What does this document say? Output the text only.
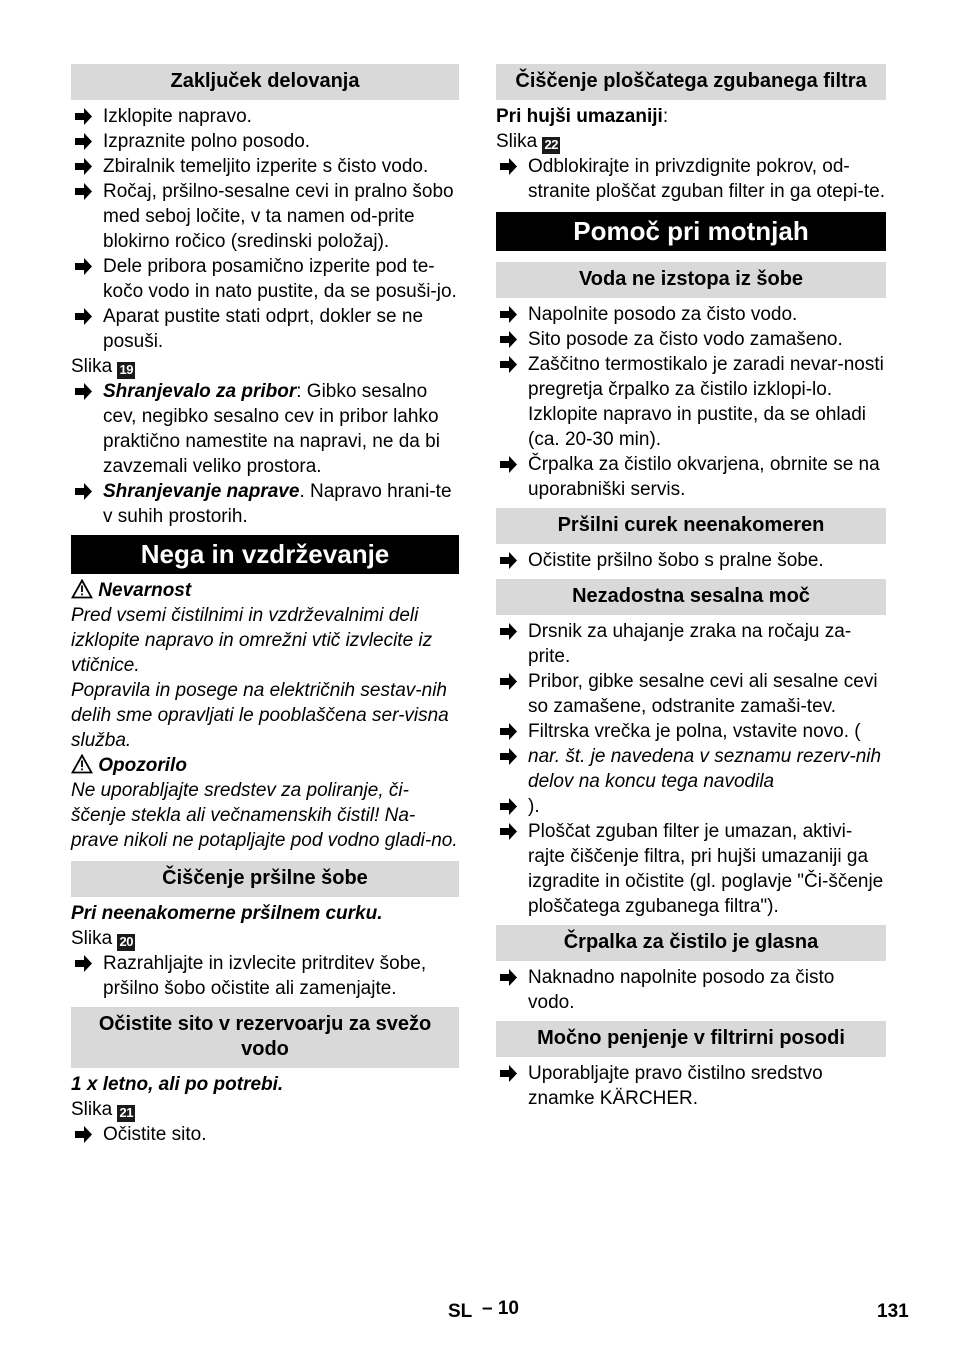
Zaključek delovanja
Izklopite napravo.
Izpraznite polno posodo.
Zbiralnik temeljito izperite s čisto vodo.
Ročaj, pršilno-sesalne cevi in pralno šobo med seboj ločite, v ta namen od-prite blokirno ročico (sredinski položaj).
Dele pribora posamično izperite pod te-kočo vodo in nato pustite, da se posuši-jo.
Aparat pustite stati odprt, dokler se ne posuši.
Slika 19
Shranjevalo za pribor: Gibko sesalno cev, negibko sesalno cev in pribor lahko praktično namestite na napravi, ne da bi zavzemali veliko prostora.
Shranjevanje naprave. Napravo hrani-te v suhih prostorih.
Nega in vzdrževanje
Nevarnost
Pred vsemi čistilnimi in vzdrževalnimi deli izklopite napravo in omrežni vtič izvlecite iz vtičnice.
Popravila in posege na električnih sestav-nih delih sme opravljati le pooblaščena ser-visna služba.
Opozorilo
Ne uporabljajte sredstev za poliranje, či-ščenje stekla ali večnamenskih čistil! Na-prave nikoli ne potapljajte pod vodno gladi-no.
Čiščenje pršilne šobe
Pri neenakomerne pršilnem curku.
Slika 20
Razrahljajte in izvlecite pritrditev šobe, pršilno šobo očistite ali zamenjajte.
Očistite sito v rezervoarju za svežo vodo
1 x letno, ali po potrebi.
Slika 21
Očistite sito.
Čiščenje ploščatega zgubanega filtra
Pri hujši umazaniji:
Slika 22
Odblokirajte in privzdignite pokrov, od-stranite ploščat zguban filter in ga otepi-te.
Pomoč pri motnjah
Voda ne izstopa iz šobe
Napolnite posodo za čisto vodo.
Sito posode za čisto vodo zamašeno.
Zaščitno termostikalo je zaradi nevar-nosti pregretja črpalko za čistilo izklopi-lo. Izklopite napravo in pustite, da se ohladi (ca. 20-30 min).
Črpalka za čistilo okvarjena, obrnite se na uporabniški servis.
Pršilni curek neenakomeren
Očistite pršilno šobo s pralne šobe.
Nezadostna sesalna moč
Drsnik za uhajanje zraka na ročaju za-prite.
Pribor, gibke sesalne cevi ali sesalne cevi so zamašene, odstranite zamaši-tev.
Filtrska vrečka je polna, vstavite novo. (
nar. št. je navedena v seznamu rezerv-nih delov na koncu tega navodila
).
Ploščat zguban filter je umazan, aktivi-rajte čiščenje filtra, pri hujši umazaniji ga izgradite in očistite (gl. poglavje "Či-ščenje ploščatega zgubanega filtra").
Črpalka za čistilo je glasna
Naknadno napolnite posodo za čisto vodo.
Močno penjenje v filtrirni posodi
Uporabljajte pravo čistilno sredstvo znamke KÄRCHER.
SL – 10	131
